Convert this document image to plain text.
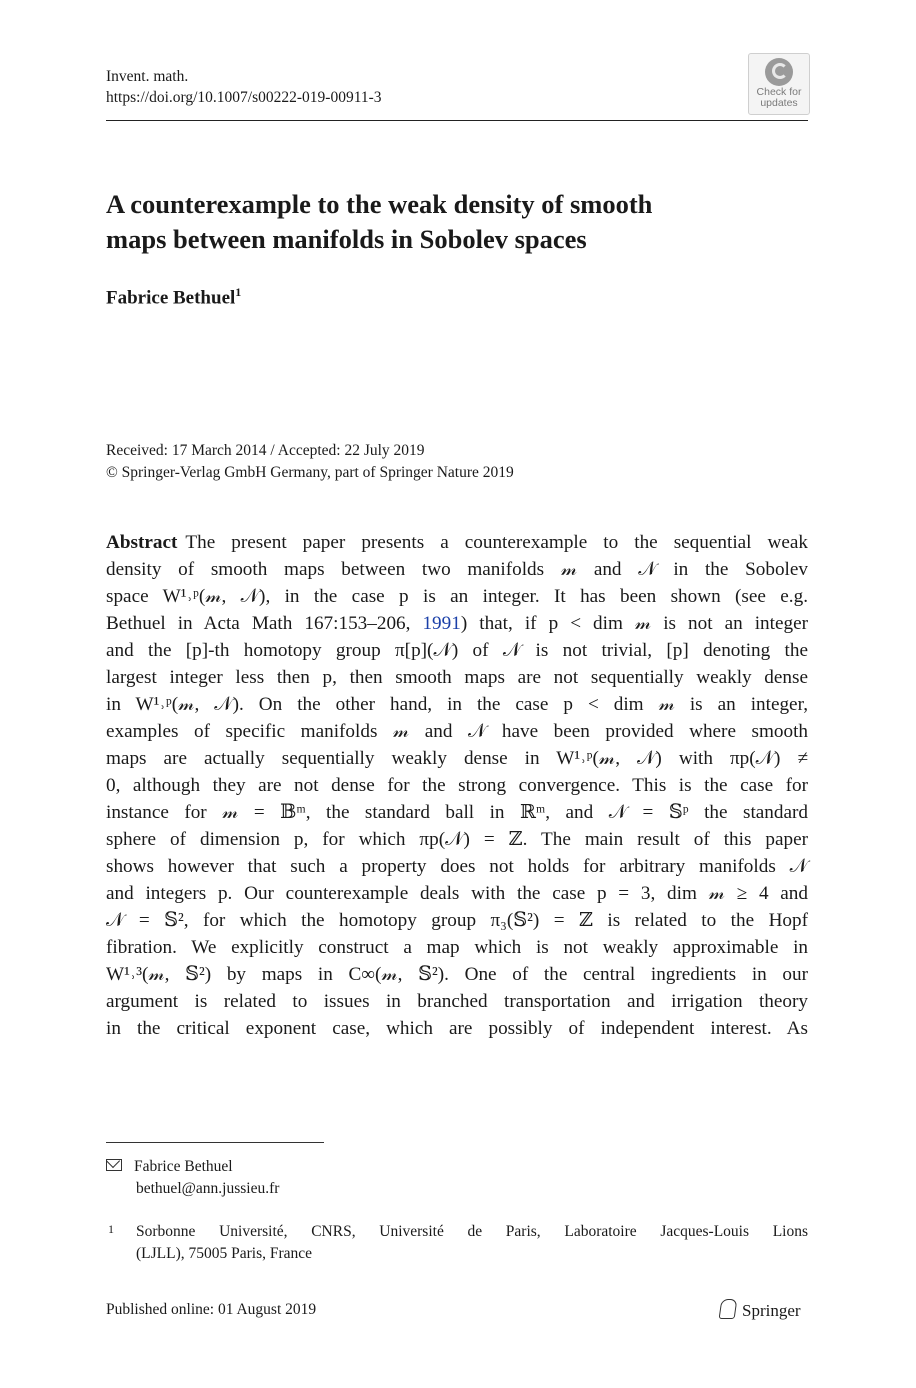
Invent. math.
https://doi.org/10.1007/s00222-019-00911-3	Check for
updates
A counterexample to the weak density of smooth
maps between manifolds in Sobolev spaces
Fabrice Bethuel$^1$
Received: 17 March 2014 / Accepted: 22 July 2019
© Springer-Verlag GmbH Germany, part of Springer Nature 2019
Abstract The present paper presents a counterexample to the sequential weak
density of smooth maps between two manifolds 𝓂 and 𝒩 in the Sobolev
space W¹˒ᵖ(𝓂, 𝒩), in the case p is an integer. It has been shown (see e.g.
Bethuel in Acta Math 167:153–206, 1991) that, if p < dim 𝓂 is not an integer
and the [p]-th homotopy group π[p](𝒩) of 𝒩 is not trivial, [p] denoting the
largest integer less then p, then smooth maps are not sequentially weakly dense
in W¹˒ᵖ(𝓂, 𝒩). On the other hand, in the case p < dim 𝓂 is an integer,
examples of specific manifolds 𝓂 and 𝒩 have been provided where smooth
maps are actually sequentially weakly dense in W¹˒ᵖ(𝓂, 𝒩) with πp(𝒩) ≠
0, although they are not dense for the strong convergence. This is the case for
instance for 𝓂 = 𝔹ᵐ, the standard ball in ℝᵐ, and 𝒩 = 𝕊ᵖ the standard
sphere of dimension p, for which πp(𝒩) = ℤ. The main result of this paper
shows however that such a property does not holds for arbitrary manifolds 𝒩
and integers p. Our counterexample deals with the case p = 3, dim 𝓂 ≥ 4 and
𝒩 = 𝕊², for which the homotopy group π₃(𝕊²) = ℤ is related to the Hopf
fibration. We explicitly construct a map which is not weakly approximable in
W¹˒³(𝓂, 𝕊²) by maps in C∞(𝓂, 𝕊²). One of the central ingredients in our
argument is related to issues in branched transportation and irrigation theory
in the critical exponent case, which are possibly of independent interest. As
Fabrice Bethuel
bethuel@ann.jussieu.fr
1 Sorbonne Université, CNRS, Université de Paris, Laboratoire Jacques-Louis Lions
(LJLL), 75005 Paris, France
Published online: 01 August 2019	Springer
